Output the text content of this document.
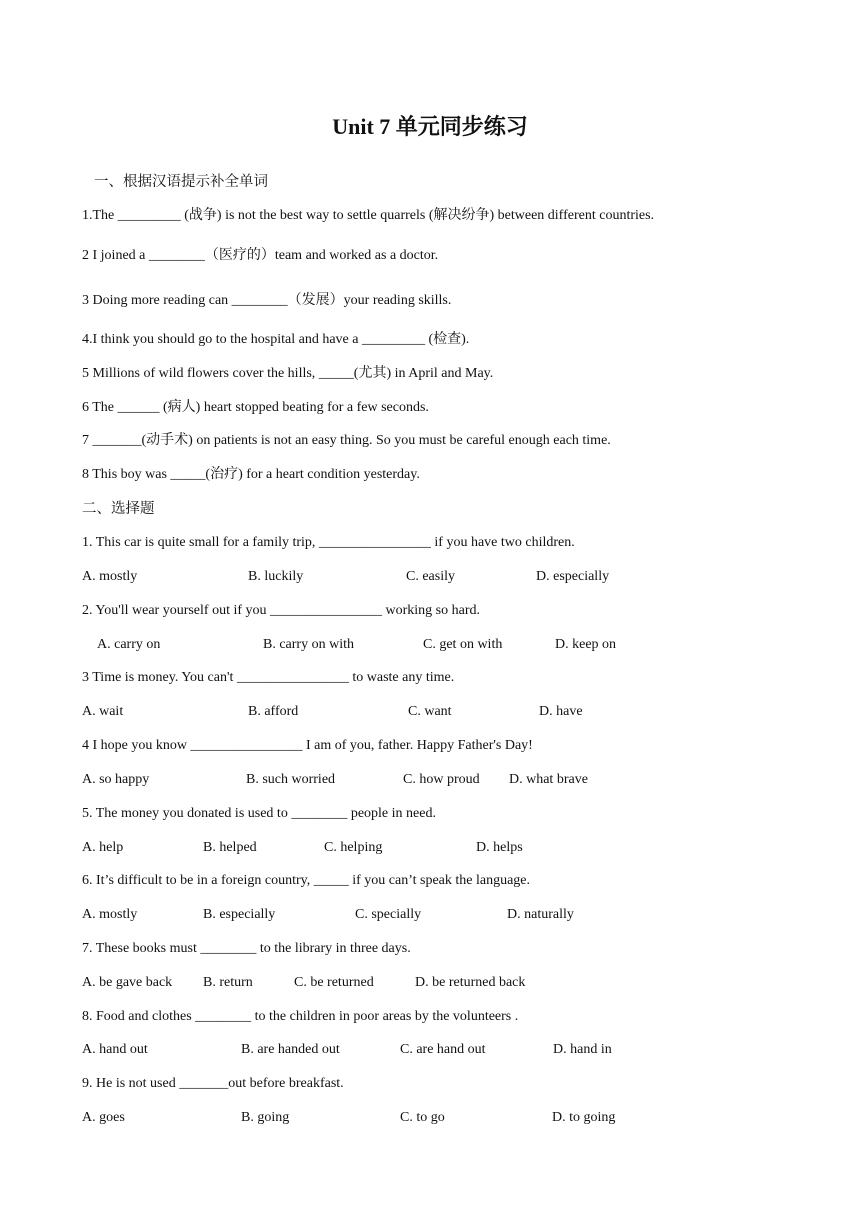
Unit 7 单元同步练习
一、根据汉语提示补全单词
1.The _________ (战争) is not the best way to settle quarrels (解决纷争) between different countries.
2 I joined a ________（医疗的）team and worked as a doctor.
3 Doing more reading can ________（发展）your reading skills.
4.I think you should go to the hospital and have a _________ (检查).
5 Millions of wild flowers cover the hills, _____(尤其) in April and May.
6 The ______ (病人) heart stopped beating for a few seconds.
7 _______(动手术) on patients is not an easy thing. So you must be careful enough each time.
8 This boy was _____(治疗) for a heart condition yesterday.
二、选择题
1. This car is quite small for a family trip, ________________ if you have two children.
A. mostly	B. luckily	C. easily	D. especially
2. You'll wear yourself out if you ________________ working so hard.
A. carry on	B. carry on with	C. get on with	D. keep on
3 Time is money. You can't ________________ to waste any time.
A. wait	B. afford	C. want	D. have
4 I hope you know ________________ I am of you, father. Happy Father's Day!
A. so happy	B. such worried	C. how proud D. what brave
5. The money you donated is used to ________ people in need.
A. help	B. helped	C. helping	D. helps
6. It’s difficult to be in a foreign country, _____ if you can’t speak the language.
A. mostly	B. especially	C. specially	D. naturally
7. These books must ________ to the library in three days.
A. be gave back B. return	C. be returned	D. be returned back
8. Food and clothes ________ to the children in poor areas by the volunteers .
A. hand out	B. are handed out	C. are hand out	D. hand in
9. He is not used _______out before breakfast.
A. goes	B. going	C. to go	D. to going
